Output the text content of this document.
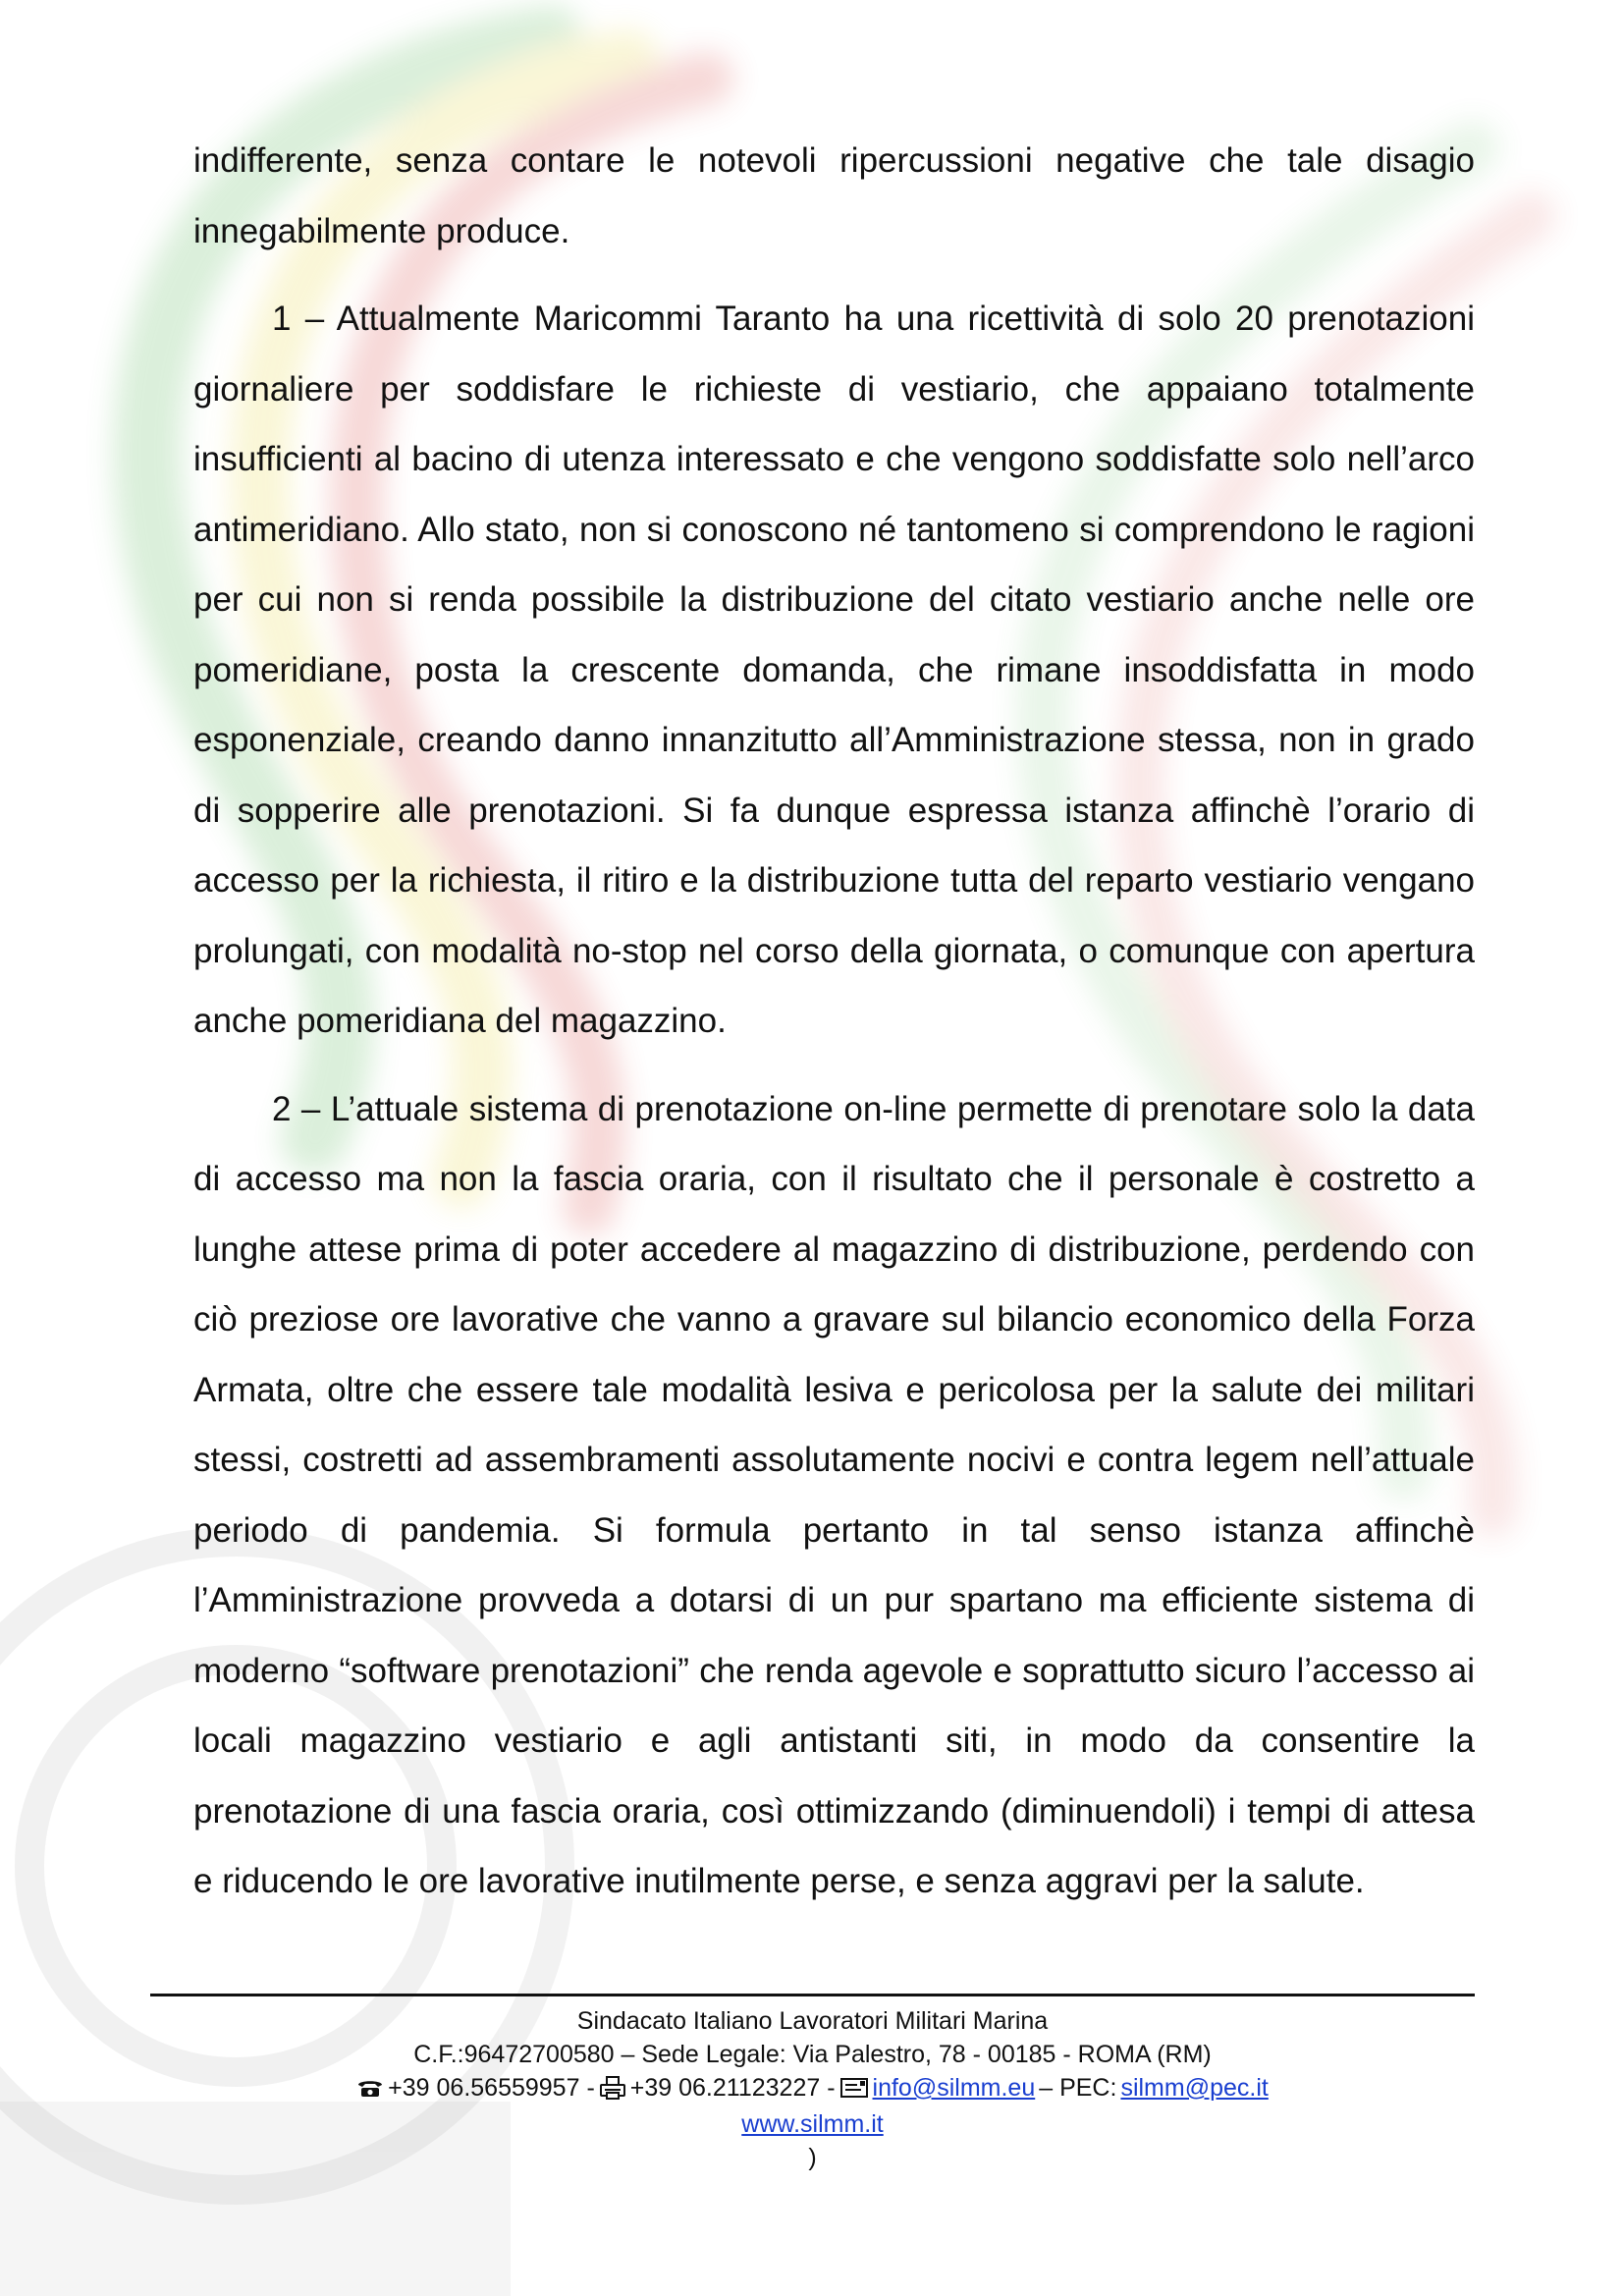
indifferente, senza contare le notevoli ripercussioni negative che tale disagio innegabilmente produce.

1 – Attualmente Maricommi Taranto ha una ricettività di solo 20 prenotazioni giornaliere per soddisfare le richieste di vestiario, che appaiano totalmente insufficienti al bacino di utenza interessato e che vengono soddisfatte solo nell’arco antimeridiano. Allo stato, non si conoscono né tantomeno si comprendono le ragioni per cui non si renda possibile la distribuzione del citato vestiario anche nelle ore pomeridiane, posta la crescente domanda, che rimane insoddisfatta in modo esponenziale, creando danno innanzitutto all’Amministrazione stessa, non in grado di sopperire alle prenotazioni. Si fa dunque espressa istanza affinchè l’orario di accesso per la richiesta, il ritiro e la distribuzione tutta del reparto vestiario vengano prolungati, con modalità no-stop nel corso della giornata, o comunque con apertura anche pomeridiana del magazzino.

2 – L’attuale sistema di prenotazione on-line permette di prenotare solo la data di accesso ma non la fascia oraria, con il risultato che il personale è costretto a lunghe attese prima di poter accedere al magazzino di distribuzione, perdendo con ciò preziose ore lavorative che vanno a gravare sul bilancio economico della Forza Armata, oltre che essere tale modalità lesiva e pericolosa per la salute dei militari stessi, costretti ad assembramenti assolutamente nocivi e contra legem nell’attuale periodo di pandemia. Si formula pertanto in tal senso istanza affinchè l’Amministrazione provveda a dotarsi di un pur spartano ma efficiente sistema di moderno “software prenotazioni” che renda agevole e soprattutto sicuro l’accesso ai locali magazzino vestiario e agli antistanti siti, in modo da consentire la prenotazione di una fascia oraria, così ottimizzando (diminuendoli) i tempi di attesa e riducendo le ore lavorative inutilmente perse, e senza aggravi per la salute.

Sindacato Italiano Lavoratori Militari Marina
C.F.:96472700580 – Sede Legale: Via Palestro, 78 - 00185 - ROMA (RM)
+39 06.56559957 - +39 06.21123227 - info@silmm.eu – PEC: silmm@pec.it
www.silmm.it
)
